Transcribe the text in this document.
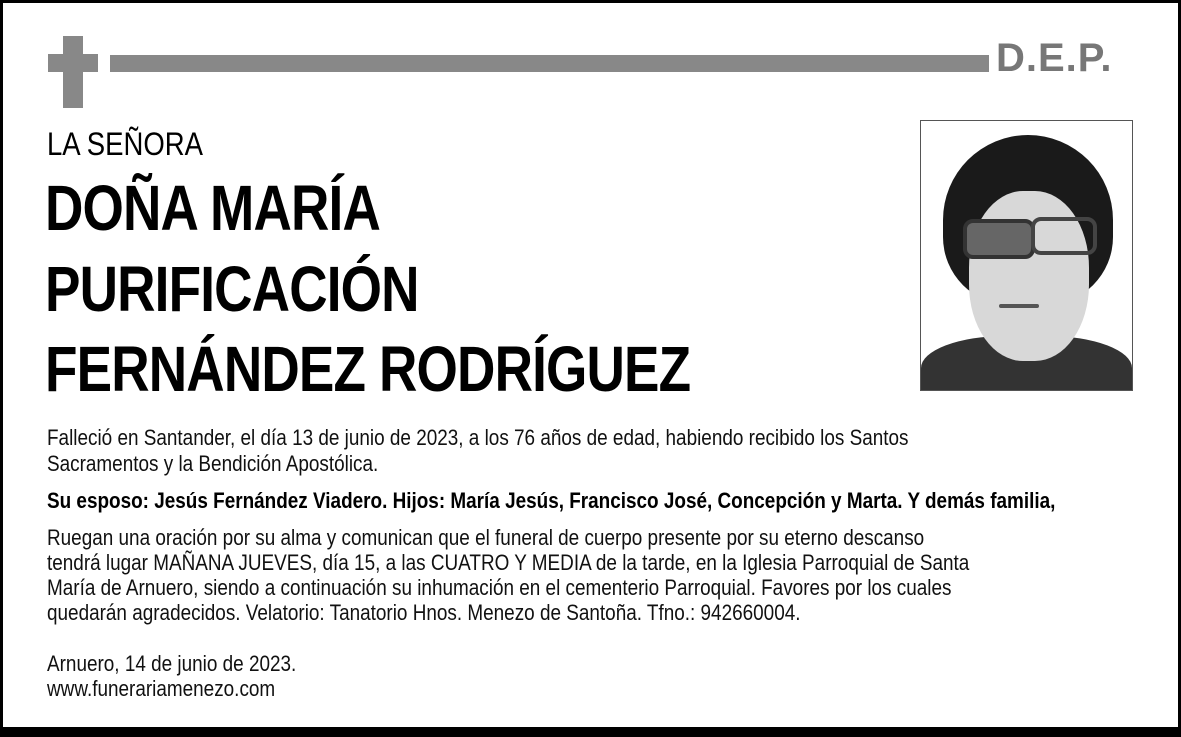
D.E.P.
LA SEÑORA
DOÑA MARÍA
PURIFICACIÓN
FERNÁNDEZ RODRÍGUEZ
Falleció en Santander, el día 13 de junio de 2023, a los 76 años de edad, habiendo recibido los Santos
Sacramentos y la Bendición Apostólica.
Su esposo: Jesús Fernández Viadero. Hijos: María Jesús, Francisco José, Concepción y Marta. Y demás familia,
Ruegan una oración por su alma y comunican que el funeral de cuerpo presente por su eterno descanso
tendrá lugar MAÑANA JUEVES, día 15, a las CUATRO Y MEDIA de la tarde, en la Iglesia Parroquial de Santa
María de Arnuero, siendo a continuación su inhumación en el cementerio Parroquial. Favores por los cuales
quedarán agradecidos. Velatorio: Tanatorio Hnos. Menezo de Santoña. Tfno.: 942660004.
Arnuero, 14 de junio de 2023.
www.funerariamenezo.com
